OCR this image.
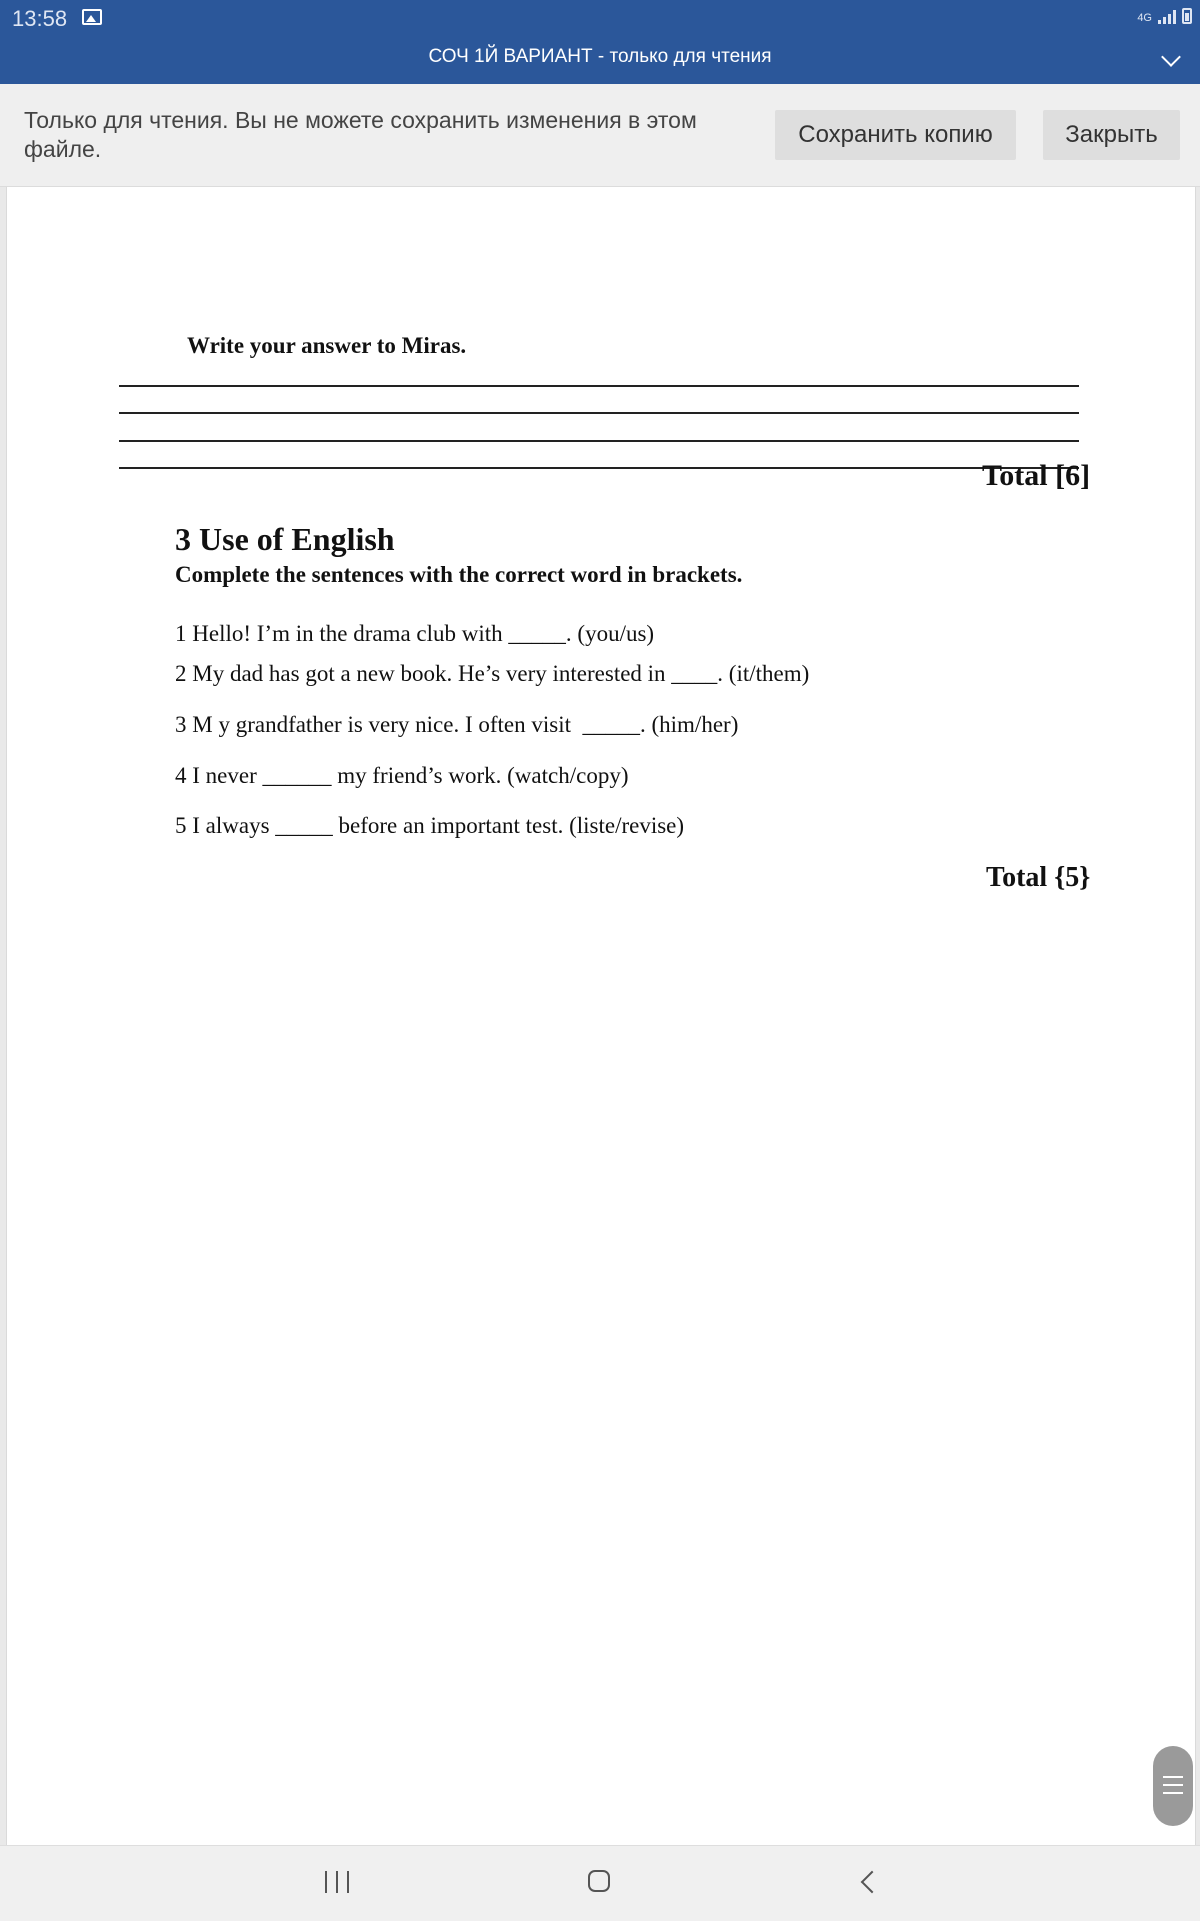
13:58	4G
СОЧ 1Й ВАРИАНТ - только для чтения
Только для чтения. Вы не можете сохранить изменения в этом файле.
Сохранить копию	Закрыть
Write your answer to Miras.
Total [6]
3 Use of English
Complete the sentences with the correct word in brackets.
1 Hello! I’m in the drama club with _____. (you/us)
2 My dad has got a new book. He’s very interested in ____. (it/them)
3 M y grandfather is very nice. I often visit  _____. (him/her)
4 I never ______ my friend’s work. (watch/copy)
5 I always _____ before an important test. (liste/revise)
Total {5}
